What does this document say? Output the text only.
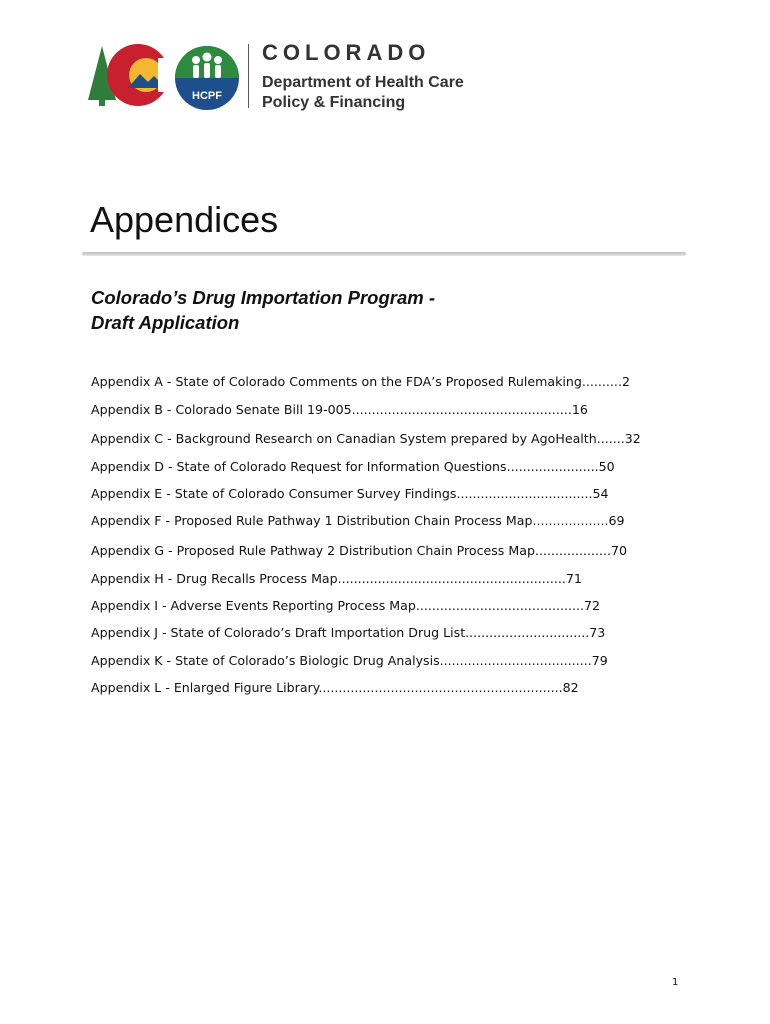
HCPF
COLORADO
Department of Health Care
Policy & Financing
Appendices
Colorado’s Drug Importation Program -
Draft Application
Appendix A - State of Colorado Comments on the FDA’s Proposed Rulemaking..........2
Appendix B - Colorado Senate Bill 19-005.......................................................16
Appendix C - Background Research on Canadian System prepared by AgoHealth.......32
Appendix D - State of Colorado Request for Information Questions.......................50
Appendix E - State of Colorado Consumer Survey Findings..................................54
Appendix F - Proposed Rule Pathway 1 Distribution Chain Process Map...................69
Appendix G - Proposed Rule Pathway 2 Distribution Chain Process Map...................70
Appendix H - Drug Recalls Process Map.........................................................71
Appendix I - Adverse Events Reporting Process Map..........................................72
Appendix J - State of Colorado’s Draft Importation Drug List...............................73
Appendix K - State of Colorado’s Biologic Drug Analysis......................................79
Appendix L - Enlarged Figure Library.............................................................82
1
